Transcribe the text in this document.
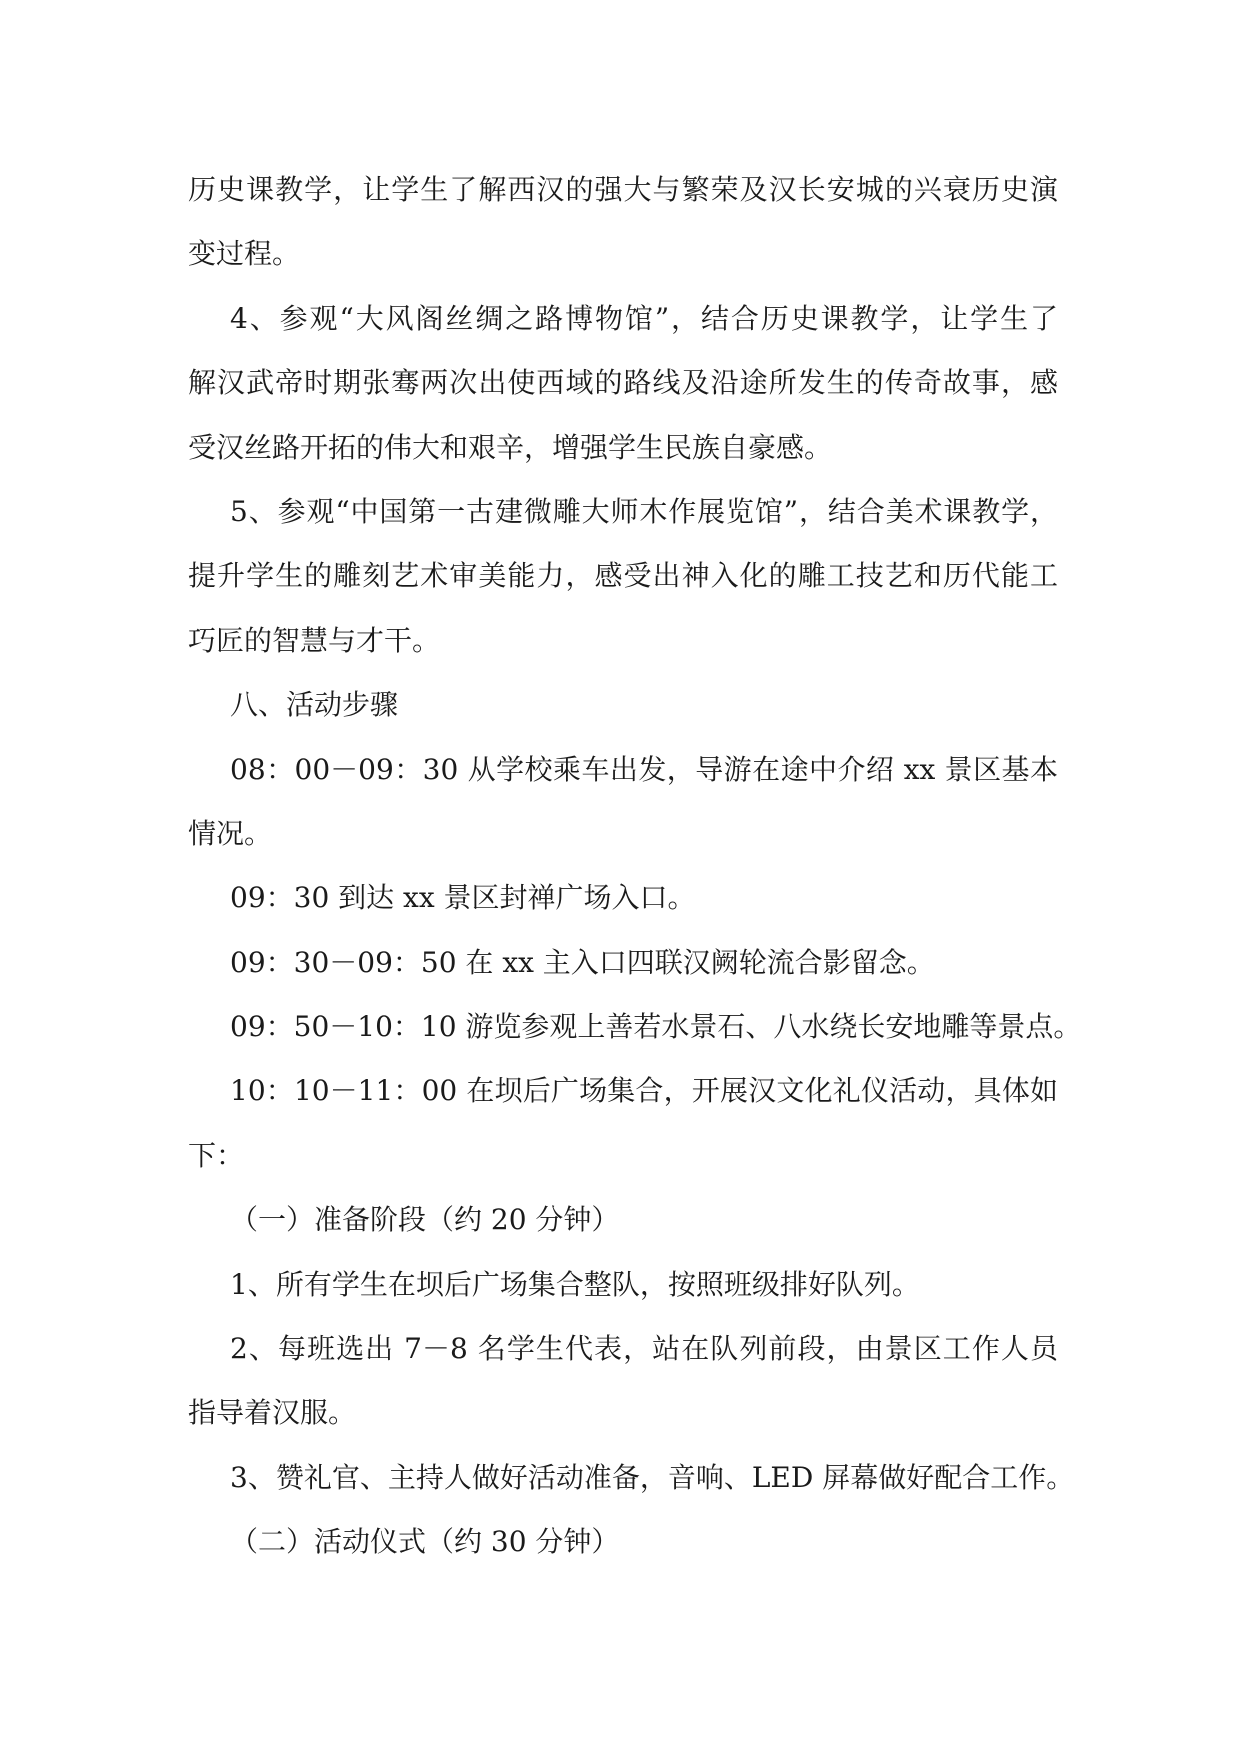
历史课教学，让学生了解西汉的强大与繁荣及汉长安城的兴衰历史演
变过程。
4、参观“大风阁丝绸之路博物馆”，结合历史课教学，让学生了
解汉武帝时期张骞两次出使西域的路线及沿途所发生的传奇故事，感
受汉丝路开拓的伟大和艰辛，增强学生民族自豪感。
5、参观“中国第一古建微雕大师木作展览馆”，结合美术课教学，
提升学生的雕刻艺术审美能力，感受出神入化的雕工技艺和历代能工
巧匠的智慧与才干。
八、活动步骤
08：00－09：30 从学校乘车出发，导游在途中介绍 xx 景区基本
情况。
09：30 到达 xx 景区封禅广场入口。
09：30－09：50 在 xx 主入口四联汉阙轮流合影留念。
09：50－10：10 游览参观上善若水景石、八水绕长安地雕等景点。
10：10－11：00 在坝后广场集合，开展汉文化礼仪活动，具体如
下：
（一）准备阶段（约 20 分钟）
1、所有学生在坝后广场集合整队，按照班级排好队列。
2、每班选出 7－8 名学生代表，站在队列前段，由景区工作人员
指导着汉服。
3、赞礼官、主持人做好活动准备，音响、LED 屏幕做好配合工作。
（二）活动仪式（约 30 分钟）
